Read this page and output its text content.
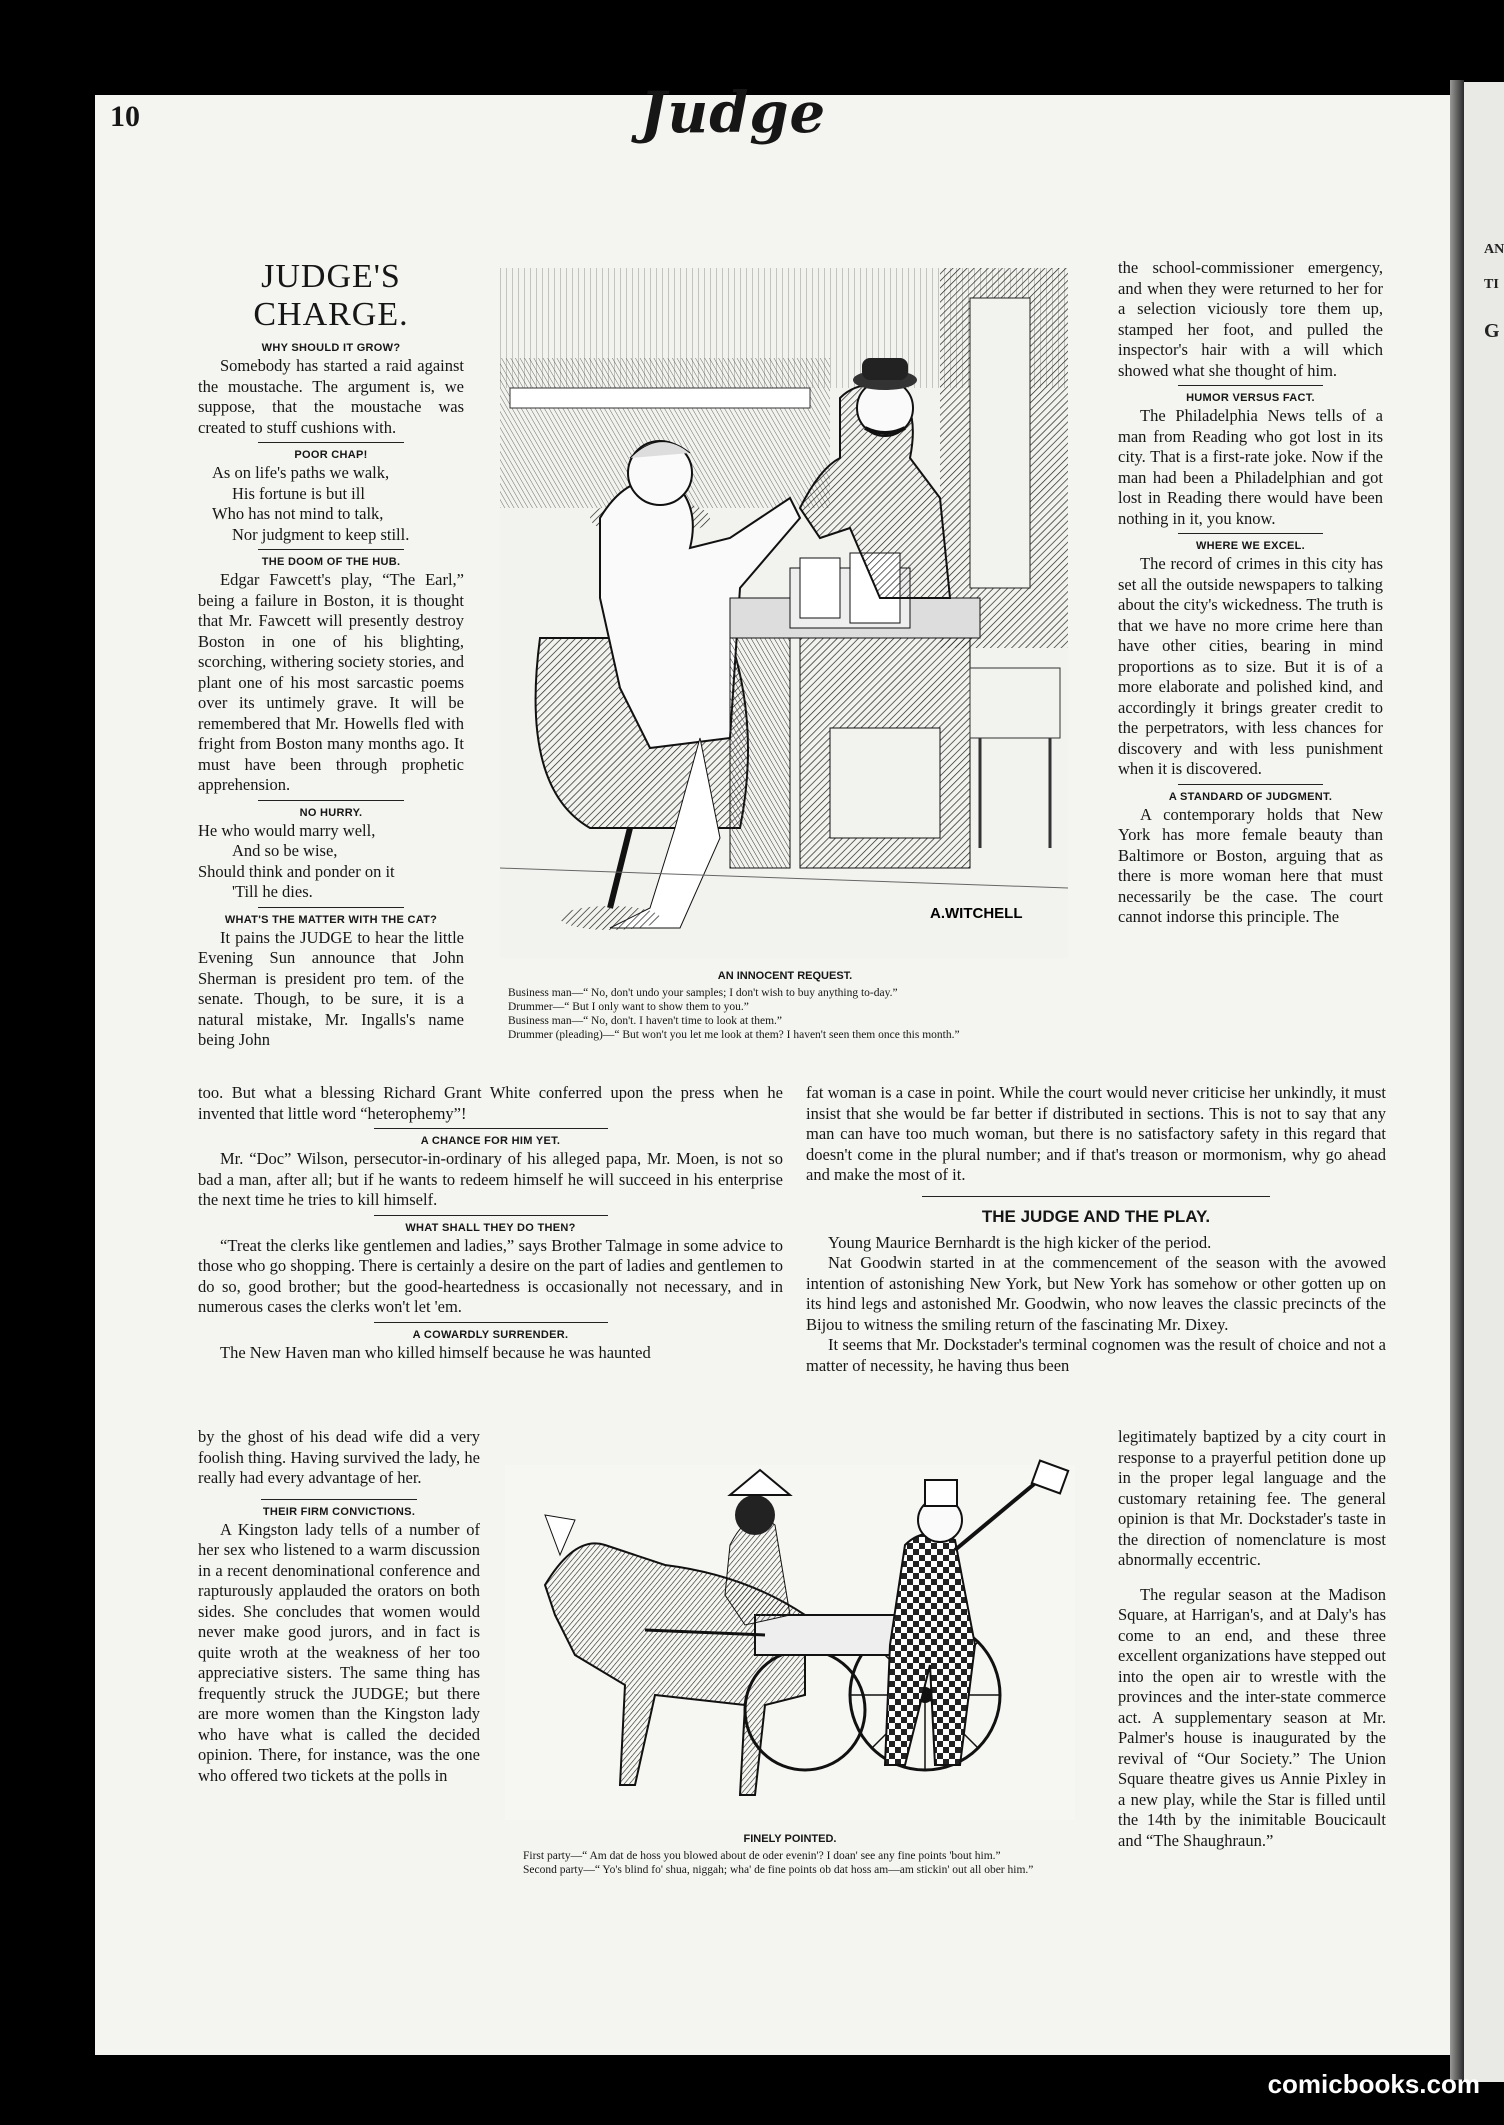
AN
TI
G
10	Judge
JUDGE'S CHARGE.
WHY SHOULD IT GROW?

Somebody has started a raid against the moustache. The argument is, we suppose, that the moustache was created to stuff cushions with.

POOR CHAP!

As on life's paths we walk,

His fortune is but ill

Who has not mind to talk,

Nor judgment to keep still.

THE DOOM OF THE HUB.

Edgar Fawcett's play, “The Earl,” being a failure in Boston, it is thought that Mr. Fawcett will presently destroy Boston in one of his blighting, scorching, withering society stories, and plant one of his most sarcastic poems over its untimely grave. It will be remembered that Mr. Howells fled with fright from Boston many months ago. It must have been through prophetic apprehension.

NO HURRY.

He who would marry well,

And so be wise,

Should think and ponder on it

'Till he dies.

WHAT'S THE MATTER WITH THE CAT?

It pains the JUDGE to hear the little Evening Sun announce that John Sherman is president pro tem. of the senate. Though, to be sure, it is a natural mistake, Mr. Ingalls's name being John

A.WITCHELL
AN INNOCENT REQUEST.

Business man—“ No, don't undo your samples; I don't wish to buy anything to-day.”

Drummer—“ But I only want to show them to you.”

Business man—“ No, don't. I haven't time to look at them.”

Drummer (pleading)—“ But won't you let me look at them? I haven't seen them once this month.”

the school-commissioner emergency, and when they were returned to her for a selection viciously tore them up, stamped her foot, and pulled the inspector's hair with a will which showed what she thought of him.

HUMOR VERSUS FACT.

The Philadelphia News tells of a man from Reading who got lost in its city. That is a first-rate joke. Now if the man had been a Philadelphian and got lost in Reading there would have been nothing in it, you know.

WHERE WE EXCEL.

The record of crimes in this city has set all the outside newspapers to talking about the city's wickedness. The truth is that we have no more crime here than have other cities, bearing in mind proportions as to size. But it is of a more elaborate and polished kind, and accordingly it brings greater credit to the perpetrators, with less chances for discovery and with less punishment when it is discovered.

A STANDARD OF JUDGMENT.

A contemporary holds that New York has more female beauty than Baltimore or Boston, arguing that as there is more woman here that must necessarily be the case. The court cannot indorse this principle. The

too. But what a blessing Richard Grant White conferred upon the press when he invented that little word “heterophemy”!

A CHANCE FOR HIM YET.

Mr. “Doc” Wilson, persecutor-in-ordinary of his alleged papa, Mr. Moen, is not so bad a man, after all; but if he wants to redeem himself he will succeed in his enterprise the next time he tries to kill himself.

WHAT SHALL THEY DO THEN?

“Treat the clerks like gentlemen and ladies,” says Brother Talmage in some advice to those who go shopping. There is certainly a desire on the part of ladies and gentlemen to do so, good brother; but the good-heartedness is occasionally not necessary, and in numerous cases the clerks won't let 'em.

A COWARDLY SURRENDER.

The New Haven man who killed himself because he was haunted

fat woman is a case in point. While the court would never criticise her unkindly, it must insist that she would be far better if distributed in sections. This is not to say that any man can have too much woman, but there is no satisfactory safety in this regard that doesn't come in the plural number; and if that's treason or mormonism, why go ahead and make the most of it.

THE JUDGE AND THE PLAY.

Young Maurice Bernhardt is the high kicker of the period.

Nat Goodwin started in at the commencement of the season with the avowed intention of astonishing New York, but New York has somehow or other gotten up on its hind legs and astonished Mr. Goodwin, who now leaves the classic precincts of the Bijou to witness the smiling return of the fascinating Mr. Dixey.

It seems that Mr. Dockstader's terminal cognomen was the result of choice and not a matter of necessity, he having thus been

by the ghost of his dead wife did a very foolish thing. Having survived the lady, he really had every advantage of her.

THEIR FIRM CONVICTIONS.

A Kingston lady tells of a number of her sex who listened to a warm discussion in a recent denominational conference and rapturously applauded the orators on both sides. She concludes that women would never make good jurors, and in fact is quite wroth at the weakness of her too appreciative sisters. The same thing has frequently struck the JUDGE; but there are more women than the Kingston lady who have what is called the decided opinion. There, for instance, was the one who offered two tickets at the polls in

FINELY POINTED.

First party—“ Am dat de hoss you blowed about de oder evenin'? I doan' see any fine points 'bout him.”

Second party—“ Yo's blind fo' shua, niggah; wha' de fine points ob dat hoss am—am stickin' out all ober him.”

legitimately baptized by a city court in response to a prayerful petition done up in the proper legal language and the customary retaining fee. The general opinion is that Mr. Dockstader's taste in the direction of nomenclature is most abnormally eccentric.

The regular season at the Madison Square, at Harrigan's, and at Daly's has come to an end, and these three excellent organizations have stepped out into the open air to wrestle with the provinces and the inter-state commerce act. A supplementary season at Mr. Palmer's house is inaugurated by the revival of “Our Society.” The Union Square theatre gives us Annie Pixley in a new play, while the Star is filled until the 14th by the inimitable Boucicault and “The Shaughraun.”

comicbooks.com
